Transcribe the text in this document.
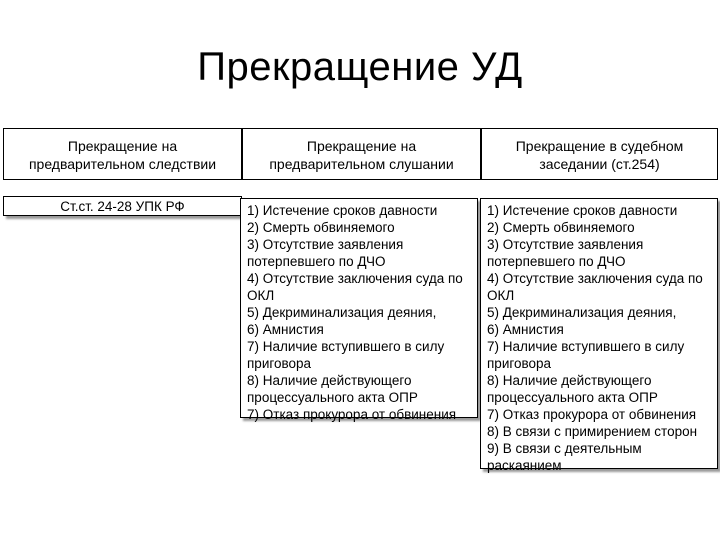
Прекращение УД
Прекращение на
предварительном следствии
Прекращение на
предварительном слушании
Прекращение в судебном
заседании (ст.254)
Ст.ст. 24-28 УПК РФ	1) Истечение сроков давности
2) Смерть обвиняемого
3) Отсутствие заявления
потерпевшего по ДЧО
4) Отсутствие заключения суда по
ОКЛ
5) Декриминализация деяния,
6) Амнистия
7) Наличие вступившего в силу
приговора
8) Наличие действующего
процессуального акта ОПР
7) Отказ прокурора от обвинения
1) Истечение сроков давности
2) Смерть обвиняемого
3) Отсутствие заявления
потерпевшего по ДЧО
4) Отсутствие заключения суда по
ОКЛ
5) Декриминализация деяния,
6) Амнистия
7) Наличие вступившего в силу
приговора
8) Наличие действующего
процессуального акта ОПР
7) Отказ прокурора от обвинения
8) В связи с примирением сторон
9) В связи с деятельным
раскаянием
